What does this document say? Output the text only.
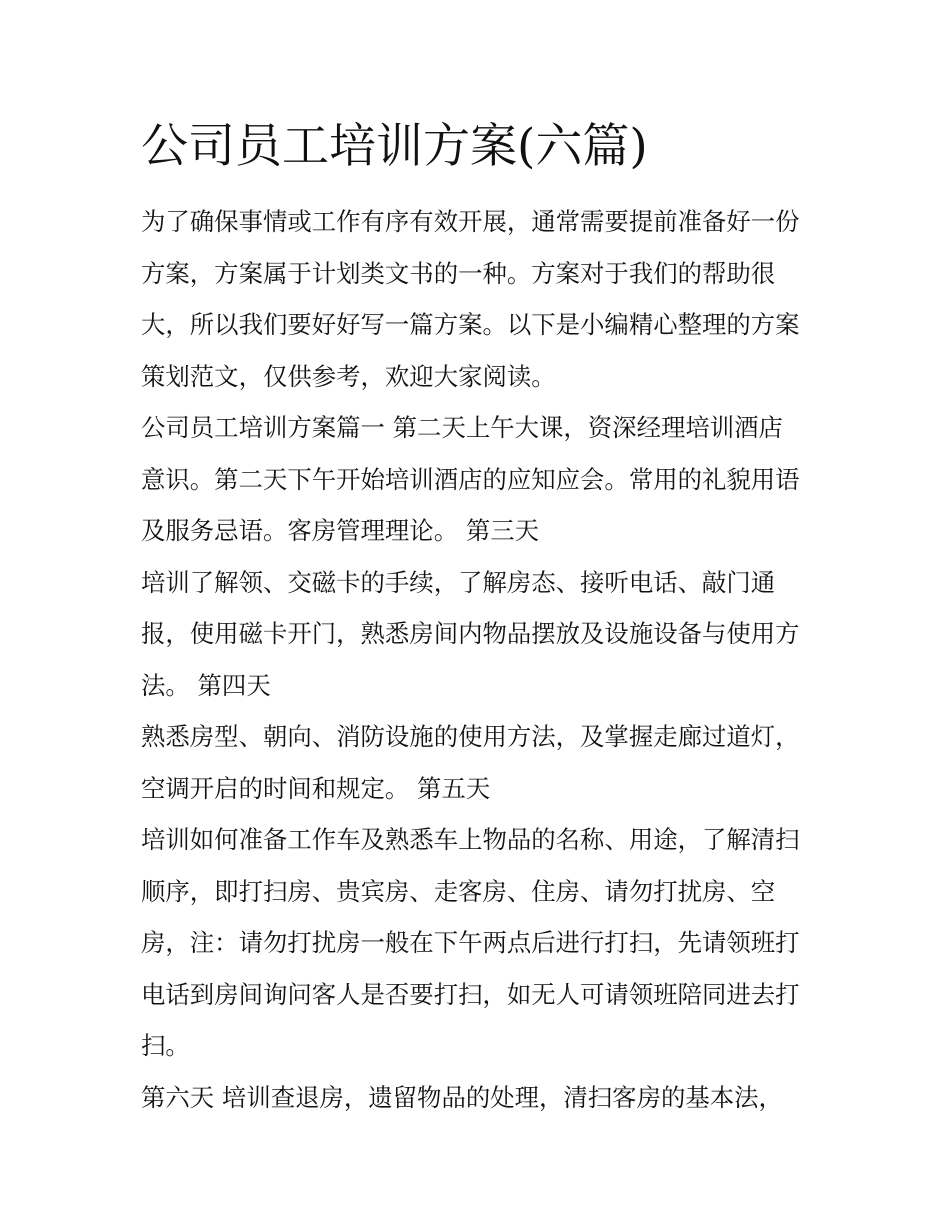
公司员工培训方案(六篇)

为了确保事情或工作有序有效开展，通常需要提前准备好一份
方案，方案属于计划类文书的一种。方案对于我们的帮助很
大，所以我们要好好写一篇方案。以下是小编精心整理的方案
策划范文，仅供参考，欢迎大家阅读。

公司员工培训方案篇一 第二天上午大课，资深经理培训酒店
意识。第二天下午开始培训酒店的应知应会。常用的礼貌用语
及服务忌语。客房管理理论。 第三天

培训了解领、交磁卡的手续，了解房态、接听电话、敲门通
报，使用磁卡开门，熟悉房间内物品摆放及设施设备与使用方
法。 第四天

熟悉房型、朝向、消防设施的使用方法，及掌握走廊过道灯，
空调开启的时间和规定。 第五天

培训如何准备工作车及熟悉车上物品的名称、用途，了解清扫
顺序，即打扫房、贵宾房、走客房、住房、请勿打扰房、空
房，注：请勿打扰房一般在下午两点后进行打扫，先请领班打
电话到房间询问客人是否要打扫，如无人可请领班陪同进去打
扫。

第六天 培训查退房，遗留物品的处理，清扫客房的基本法，
